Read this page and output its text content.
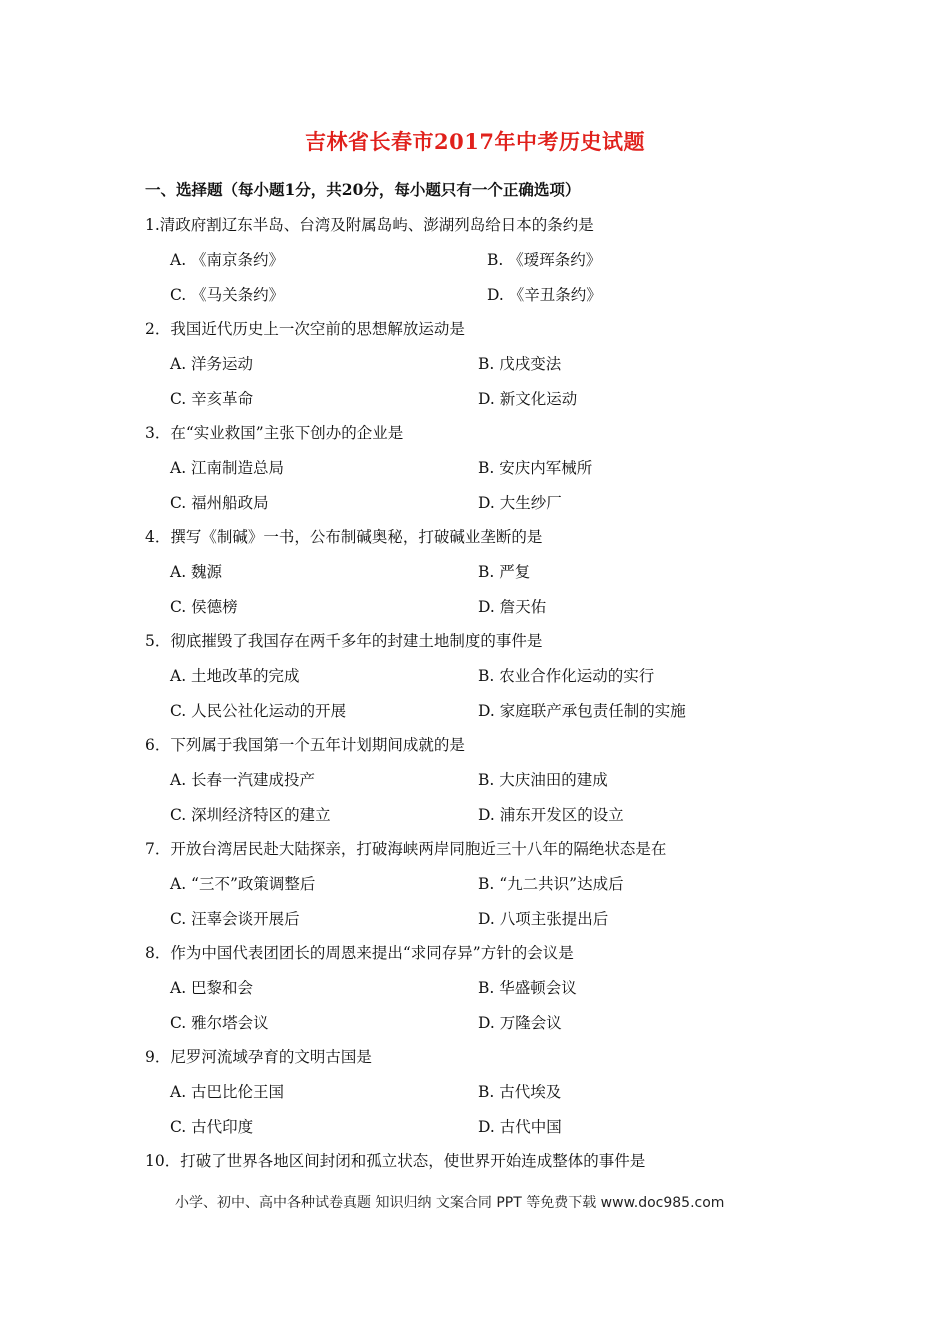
吉林省长春市2017年中考历史试题
一、选择题（每小题1分，共20分，每小题只有一个正确选项）
1.清政府割辽东半岛、台湾及附属岛屿、澎湖列岛给日本的条约是
A. 《南京条约》	B. 《瑷珲条约》
C. 《马关条约》	D. 《辛丑条约》
2．我国近代历史上一次空前的思想解放运动是
A. 洋务运动	B. 戊戌变法
C. 辛亥革命	D. 新文化运动
3．在“实业救国”主张下创办的企业是
A. 江南制造总局	B. 安庆内军械所
C. 福州船政局	D. 大生纱厂
4．撰写《制碱》一书，公布制碱奥秘，打破碱业垄断的是
A. 魏源	B. 严复
C. 侯德榜	D. 詹天佑
5．彻底摧毁了我国存在两千多年的封建土地制度的事件是
A. 土地改革的完成	B. 农业合作化运动的实行
C. 人民公社化运动的开展	D. 家庭联产承包责任制的实施
6．下列属于我国第一个五年计划期间成就的是
A. 长春一汽建成投产	B. 大庆油田的建成
C. 深圳经济特区的建立	D. 浦东开发区的设立
7．开放台湾居民赴大陆探亲，打破海峡两岸同胞近三十八年的隔绝状态是在
A. “三不”政策调整后	B. “九二共识”达成后
C. 汪辜会谈开展后	D. 八项主张提出后
8．作为中国代表团团长的周恩来提出“求同存异”方针的会议是
A. 巴黎和会	B. 华盛顿会议
C. 雅尔塔会议	D. 万隆会议
9．尼罗河流域孕育的文明古国是
A. 古巴比伦王国	B. 古代埃及
C. 古代印度	D. 古代中国
10．打破了世界各地区间封闭和孤立状态，使世界开始连成整体的事件是
小学、初中、高中各种试卷真题 知识归纳 文案合同 PPT 等免费下载 www.doc985.com
